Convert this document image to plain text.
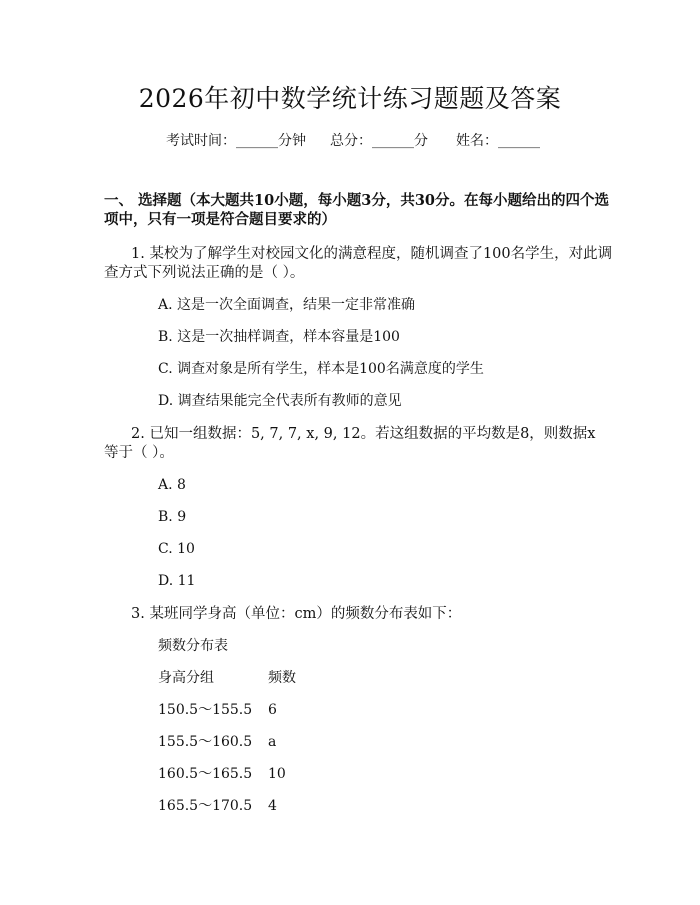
2026年初中数学统计练习题题及答案
考试时间：______分钟 总分：______分 姓名：______
一、 选择题（本大题共10小题，每小题3分，共30分。在每小题给出的四个选
项中，只有一项是符合题目要求的）
1. 某校为了解学生对校园文化的满意程度，随机调查了100名学生，对此调
查方式下列说法正确的是（ ）。
A. 这是一次全面调查，结果一定非常准确
B. 这是一次抽样调查，样本容量是100
C. 调查对象是所有学生，样本是100名满意度的学生
D. 调查结果能完全代表所有教师的意见
2. 已知一组数据：5, 7, 7, x, 9, 12。若这组数据的平均数是8，则数据x
等于（ ）。
A. 8
B. 9
C. 10
D. 11
3. 某班同学身高（单位：cm）的频数分布表如下：
频数分布表
身高分组	频数
150.5～155.5 6
155.5～160.5 a
160.5～165.5 10
165.5～170.5 4
